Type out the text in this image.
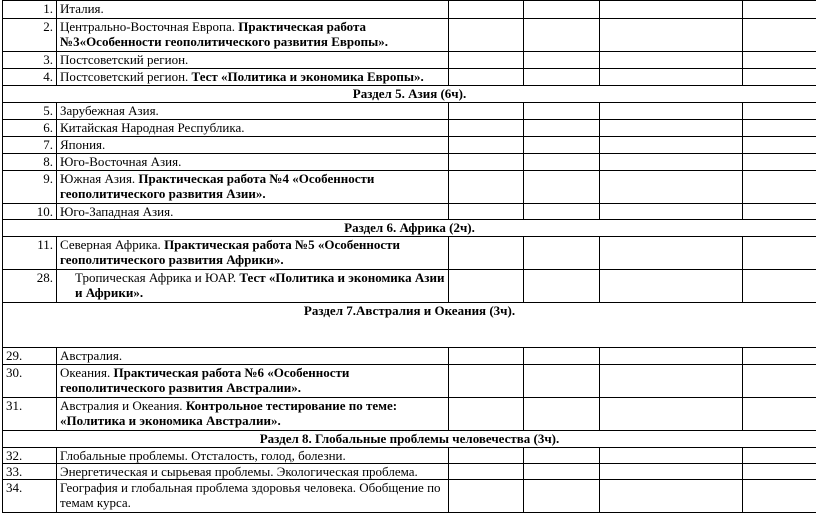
1.	Италия.				
2.	Центрально-Восточная Европа. Практическая работа №3«Особенности геополитического развития Европы».				
3.	Постсоветский регион.				
4.	Постсоветский регион. Тест «Политика и экономика Европы».				
Раздел 5. Азия (6ч).					
5.	Зарубежная Азия.				
6.	Китайская Народная Республика.				
7.	Япония.				
8.	Юго-Восточная Азия.				
9.	Южная Азия. Практическая работа №4 «Особенности геополитического развития Азии».				
10.	Юго-Западная Азия.				
Раздел 6. Африка (2ч).					
11.	Северная Африка. Практическая работа №5 «Особенности геополитического развития Африки».				
28.	Тропическая Африка и ЮАР. Тест «Политика и экономика Азии и Африки».				
Раздел 7.Австралия и Океания (3ч).					
29.	Австралия.				
30.	Океания. Практическая работа №6 «Особенности геополитического развития Австралии».				
31.	Австралия и Океания. Контрольное тестирование по теме: «Политика и экономика Австралии».				
Раздел 8. Глобальные проблемы человечества (3ч).					
32.	Глобальные проблемы. Отсталость, голод, болезни.				
33.	Энергетическая и сырьевая проблемы. Экологическая проблема.				
34.	География и глобальная проблема здоровья человека. Обобщение по темам курса.				
